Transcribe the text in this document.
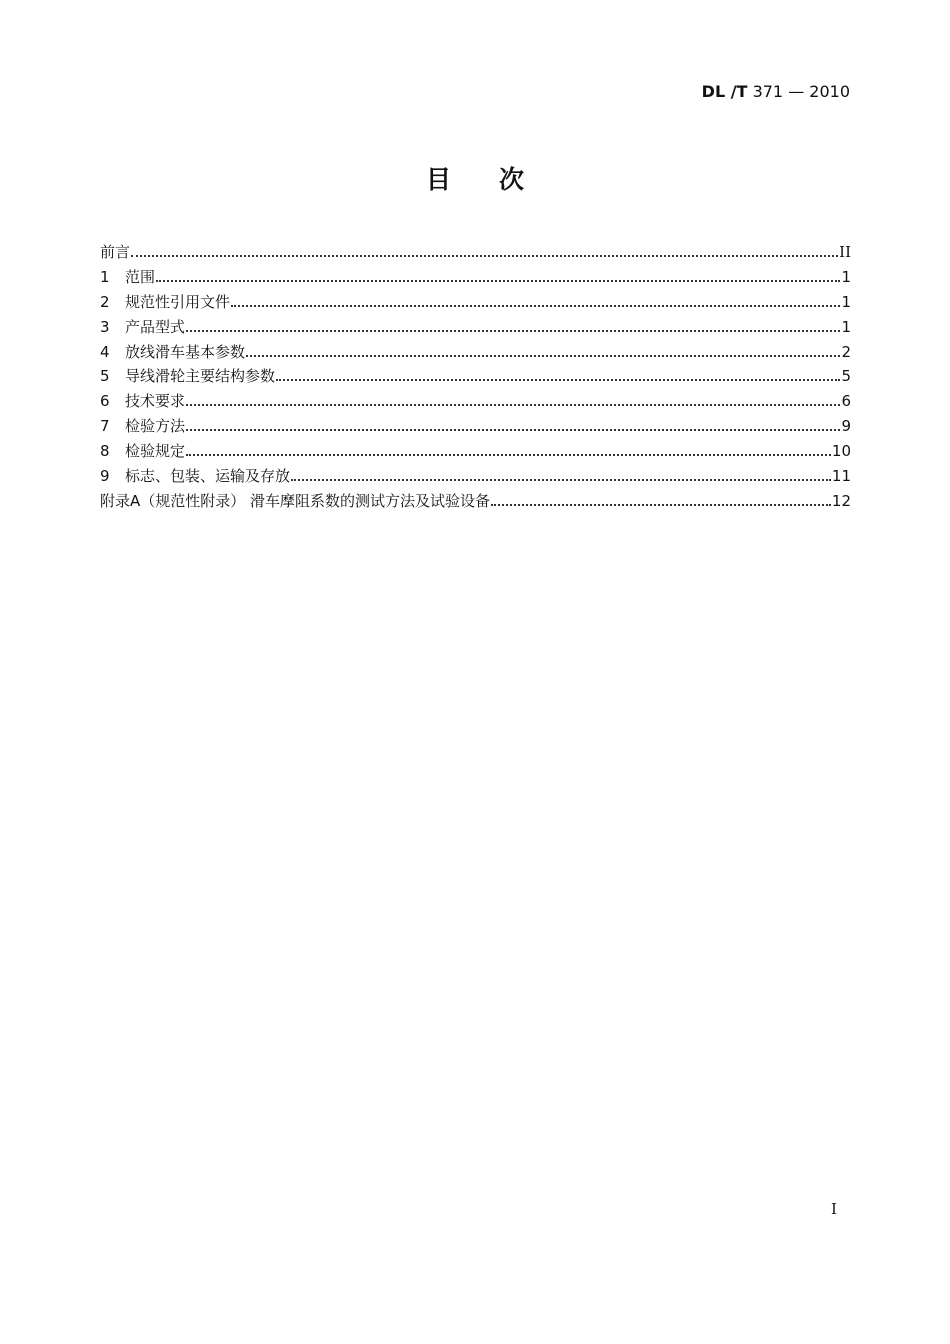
DL /T 371 — 2010
目次
前言	II
1	范围	1
2	规范性引用文件	1
3	产品型式	1
4	放线滑车基本参数	2
5	导线滑轮主要结构参数	5
6	技术要求	6
7	检验方法	9
8	检验规定	10
9	标志、包装、运输及存放	11
附录A（规范性附录） 滑车摩阻系数的测试方法及试验设备	12
I
